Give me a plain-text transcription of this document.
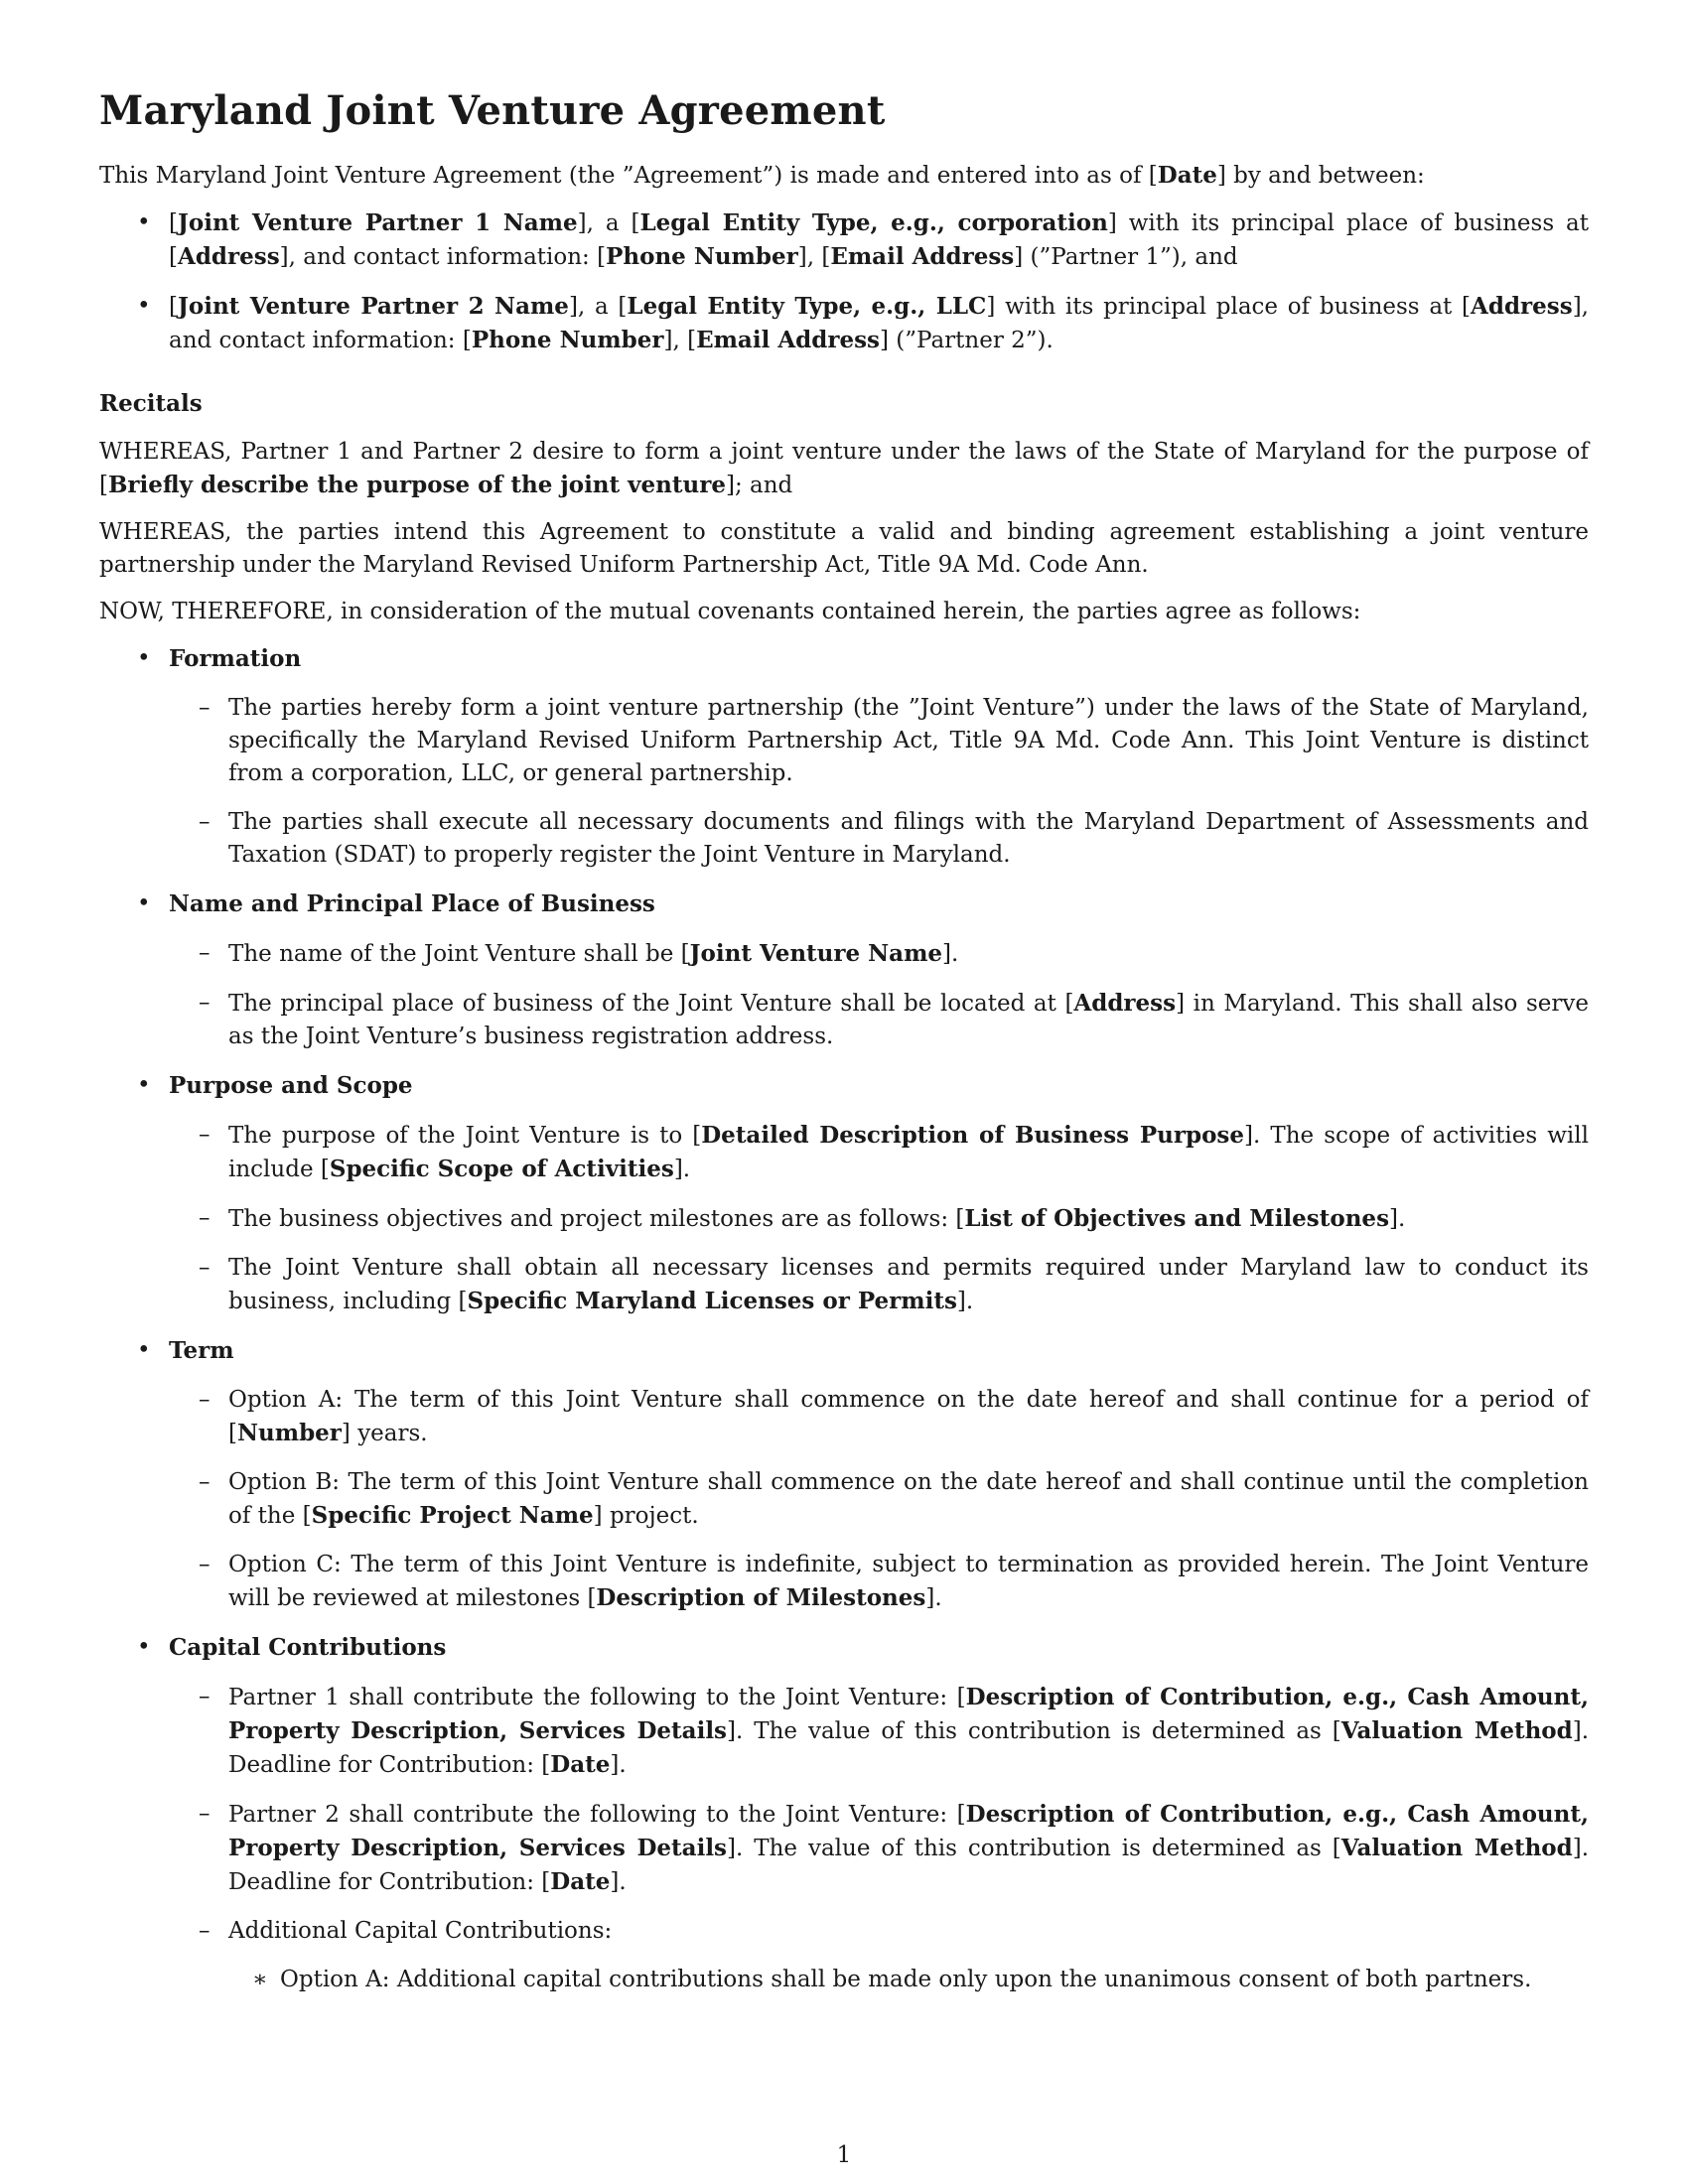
Maryland Joint Venture Agreement

This Maryland Joint Venture Agreement (the ”Agreement”) is made and entered into as of [Date] by and between:

• [Joint Venture Partner 1 Name], a [Legal Entity Type, e.g., corporation] with its principal place of business at [Address], and contact information: [Phone Number], [Email Address] (”Partner 1”), and
• [Joint Venture Partner 2 Name], a [Legal Entity Type, e.g., LLC] with its principal place of business at [Address], and contact information: [Phone Number], [Email Address] (”Partner 2”).

Recitals

WHEREAS, Partner 1 and Partner 2 desire to form a joint venture under the laws of the State of Maryland for the purpose of [Briefly describe the purpose of the joint venture]; and

WHEREAS, the parties intend this Agreement to constitute a valid and binding agreement establishing a joint venture partnership under the Maryland Revised Uniform Partnership Act, Title 9A Md. Code Ann.

NOW, THEREFORE, in consideration of the mutual covenants contained herein, the parties agree as follows:

• Formation
– The parties hereby form a joint venture partnership (the ”Joint Venture”) under the laws of the State of Maryland, specifically the Maryland Revised Uniform Partnership Act, Title 9A Md. Code Ann. This Joint Venture is distinct from a corporation, LLC, or general partnership.
– The parties shall execute all necessary documents and filings with the Maryland Department of Assessments and Taxation (SDAT) to properly register the Joint Venture in Maryland.
• Name and Principal Place of Business
– The name of the Joint Venture shall be [Joint Venture Name].
– The principal place of business of the Joint Venture shall be located at [Address] in Maryland. This shall also serve as the Joint Venture’s business registration address.
• Purpose and Scope
– The purpose of the Joint Venture is to [Detailed Description of Business Purpose]. The scope of activities will include [Specific Scope of Activities].
– The business objectives and project milestones are as follows: [List of Objectives and Milestones].
– The Joint Venture shall obtain all necessary licenses and permits required under Maryland law to conduct its business, including [Specific Maryland Licenses or Permits].
• Term
– Option A: The term of this Joint Venture shall commence on the date hereof and shall continue for a period of [Number] years.
– Option B: The term of this Joint Venture shall commence on the date hereof and shall continue until the completion of the [Specific Project Name] project.
– Option C: The term of this Joint Venture is indefinite, subject to termination as provided herein. The Joint Venture will be reviewed at milestones [Description of Milestones].
• Capital Contributions
– Partner 1 shall contribute the following to the Joint Venture: [Description of Contribution, e.g., Cash Amount, Property Description, Services Details]. The value of this contribution is determined as [Valuation Method]. Deadline for Contribution: [Date].
– Partner 2 shall contribute the following to the Joint Venture: [Description of Contribution, e.g., Cash Amount, Property Description, Services Details]. The value of this contribution is determined as [Valuation Method]. Deadline for Contribution: [Date].
– Additional Capital Contributions:
∗ Option A: Additional capital contributions shall be made only upon the unanimous consent of both partners.
1
